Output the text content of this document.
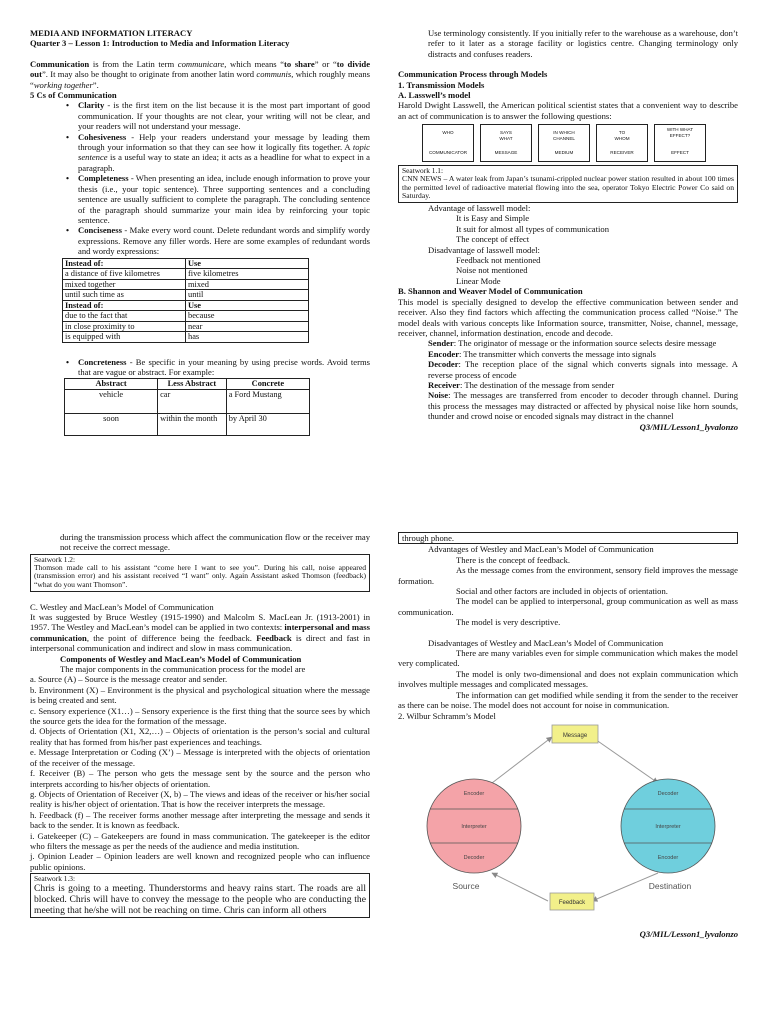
MEDIA AND INFORMATION LITERACY

Quarter 3 – Lesson 1: Introduction to Media and Information Literacy

Communication is from the Latin term communicare, which means “to share” or “to divide out”. It may also be thought to originate from another latin word communis, which roughly means “working together”.

5 Cs of Communication

• Clarity - is the first item on the list because it is the most part important of good communication. If your thoughts are not clear, your writing will not be clear, and your readers will not understand your message.
• Cohesiveness - Help your readers understand your message by leading them through your information so that they can see how it logically fits together. A topic sentence is a useful way to state an idea; it acts as a headline for what to expect in a paragraph.
• Completeness - When presenting an idea, include enough information to prove your thesis (i.e., your topic sentence). Three supporting sentences and a concluding sentence are usually sufficient to complete the paragraph. The concluding sentence of the paragraph should summarize your main idea by reinforcing your topic sentence.
• Conciseness - Make every word count. Delete redundant words and simplify wordy expressions. Remove any filler words. Here are some examples of redundant words and wordy expressions:
Instead of:	Use
a distance of five kilometres	five kilometres
mixed together	mixed
until such time as	until
Instead of:	Use
due to the fact that	because
in close proximity to	near
is equipped with	has

• Concreteness - Be specific in your meaning by using precise words. Avoid terms that are vague or abstract. For example:
Abstract	Less Abstract	Concrete
vehicle	car	a Ford Mustang
soon	within the month	by April 30

Use terminology consistently. If you initially refer to the warehouse as a warehouse, don’t refer to it later as a storage facility or logistics centre. Changing terminology only distracts and confuses readers.

Communication Process through Models

1. Transmission Models

A. Lasswell’s model

Harold Dwight Lasswell, the American political scientist states that a convenient way to describe an act of communication is to answer the following questions:

WHO
COMMUNICATOR
SAYS WHAT
MESSAGE
IN WHICH CHANNEL
MEDIUM
TO WHOM
RECEIVER
WITH WHAT EFFECT?
EFFECT
Seatwork 1.1:
CNN NEWS – A water leak from Japan’s tsunami-crippled nuclear power station resulted in about 100 times the permitted level of radioactive material flowing into the sea, operator Tokyo Electric Power Co said on Saturday.

Advantage of lasswell model:

It is Easy and Simple

It suit for almost all types of communication

The concept of effect

Disadvantage of lasswell model:

Feedback not mentioned

Noise not mentioned

Linear Mode

B. Shannon and Weaver Model of Communication

This model is specially designed to develop the effective communication between sender and receiver. Also they find factors which affecting the communication process called “Noise.” The model deals with various concepts like Information source, transmitter, Noise, channel, message, receiver, channel, information destination, encode and decode.

Sender: The originator of message or the information source selects desire message

Encoder: The transmitter which converts the message into signals

Decoder: The reception place of the signal which converts signals into message. A reverse process of encode

Receiver: The destination of the message from sender

Noise: The messages are transferred from encoder to decoder through channel. During this process the messages may distracted or affected by physical noise like horn sounds, thunder and crowd noise or encoded signals may distract in the channel

Q3/MIL/Lesson1_lyvalonzo

during the transmission process which affect the communication flow or the receiver may not receive the correct message.

Seatwork 1.2:
Thomson made call to his assistant “come here I want to see you”. During his call, noise appeared (transmission error) and his assistant received “I want” only. Again Assistant asked Thomson (feedback) “what do you want Thomson”.

C. Westley and MacLean’s Model of Communication

It was suggested by Bruce Westley (1915-1990) and Malcolm S. MacLean Jr. (1913-2001) in 1957. The Westley and MacLean’s model can be applied in two contexts: interpersonal and mass communication, the point of difference being the feedback. Feedback is direct and fast in interpersonal communication and indirect and slow in mass communication.

Components of Westley and MacLean’s Model of Communication

The major components in the communication process for the model are

a. Source (A) – Source is the message creator and sender.

b. Environment (X) – Environment is the physical and psychological situation where the message is being created and sent.

c. Sensory experience (X1…) – Sensory experience is the first thing that the source sees by which the source gets the idea for the formation of the message.

d. Objects of Orientation (X1, X2,…) – Objects of orientation is the person’s social and cultural reality that has formed from his/her past experiences and teachings.

e. Message Interpretation or Coding (X’) – Message is interpreted with the objects of orientation of the receiver of the message.

f. Receiver (B) – The person who gets the message sent by the source and the person who interprets according to his/her objects of orientation.

g. Objects of Orientation of Receiver (X, b) – The views and ideas of the receiver or his/her social reality is his/her object of orientation. That is how the receiver interprets the message.

h. Feedback (f) – The receiver forms another message after interpreting the message and sends it back to the sender. It is known as feedback.

i. Gatekeeper (C) – Gatekeepers are found in mass communication. The gatekeeper is the editor who filters the message as per the needs of the audience and media institution.

j. Opinion Leader – Opinion leaders are well known and recognized people who can influence public opinions.

Seatwork 1.3:
Chris is going to a meeting. Thunderstorms and heavy rains start. The roads are all blocked. Chris will have to convey the message to the people who are conducting the meeting that he/she will not be reaching on time. Chris can inform all others
through phone.

Advantages of Westley and MacLean’s Model of Communication

There is the concept of feedback.

As the message comes from the environment, sensory field improves the message formation.

Social and other factors are included in objects of orientation.

The model can be applied to interpersonal, group communication as well as mass communication.

The model is very descriptive.

Disadvantages of Westley and MacLean’s Model of Communication

There are many variables even for simple communication which makes the model very complicated.

The model is only two-dimensional and does not explain communication which involves multiple messages and complicated messages.

The information can get modified while sending it from the sender to the receiver as there can be noise. The model does not account for noise in communication.

2. Wilbur Schramm’s Model

Message
Feedback
Encoder
Interpreter
Decoder
Decoder
Interpreter
Encoder
Source	Destination

Q3/MIL/Lesson1_lyvalonzo
